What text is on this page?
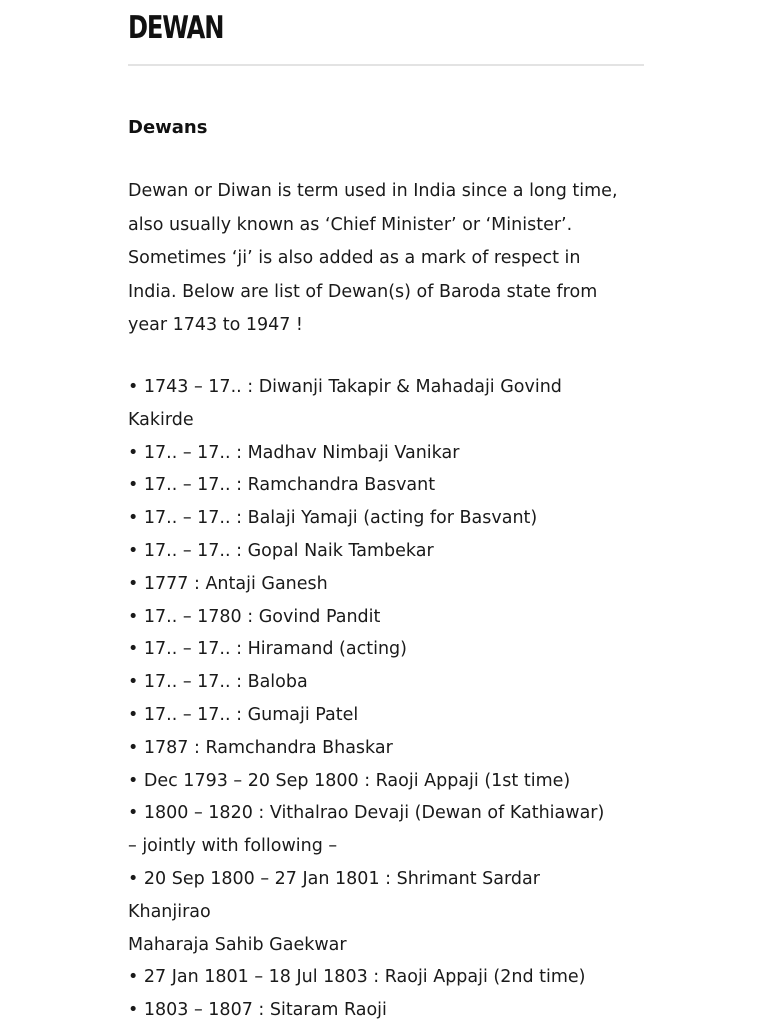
DEWAN
Dewans

Dewan or Diwan is term used in India since a long time,
also usually known as ‘Chief Minister’ or ‘Minister’.
Sometimes ‘ji’ is also added as a mark of respect in
India. Below are list of Dewan(s) of Baroda state from
year 1743 to 1947 !

• 1743 – 17.. : Diwanji Takapir & Mahadaji Govind
Kakirde
• 17.. – 17.. : Madhav Nimbaji Vanikar
• 17.. – 17.. : Ramchandra Basvant
• 17.. – 17.. : Balaji Yamaji (acting for Basvant)
• 17.. – 17.. : Gopal Naik Tambekar
• 1777 : Antaji Ganesh
• 17.. – 1780 : Govind Pandit
• 17.. – 17.. : Hiramand (acting)
• 17.. – 17.. : Baloba
• 17.. – 17.. : Gumaji Patel
• 1787 : Ramchandra Bhaskar
• Dec 1793 – 20 Sep 1800 : Raoji Appaji (1st time)
• 1800 – 1820 : Vithalrao Devaji (Dewan of Kathiawar)
– jointly with following –
• 20 Sep 1800 – 27 Jan 1801 : Shrimant Sardar
Khanjirao
Maharaja Sahib Gaekwar
• 27 Jan 1801 – 18 Jul 1803 : Raoji Appaji (2nd time)
• 1803 – 1807 : Sitaram Raoji
